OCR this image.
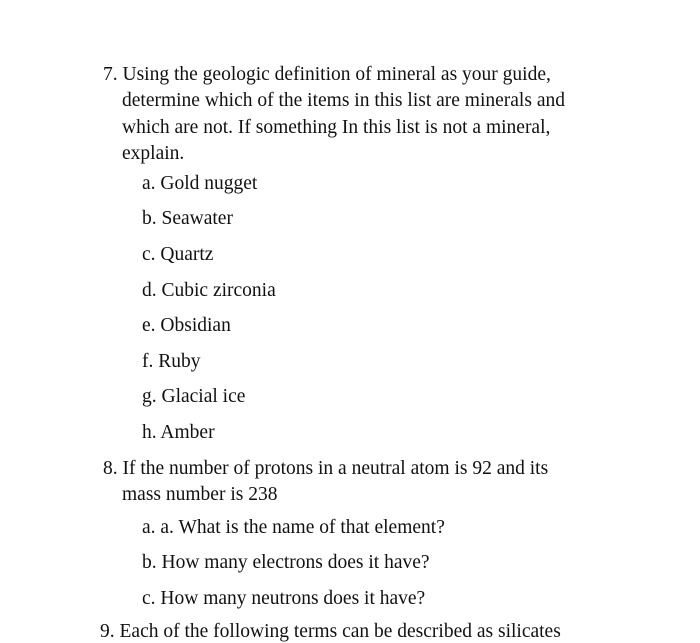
7. Using the geologic definition of mineral as your guide,
determine which of the items in this list are minerals and
which are not. If something In this list is not a mineral,
explain.
a. Gold nugget
b. Seawater
c. Quartz
d. Cubic zirconia
e. Obsidian
f. Ruby
g. Glacial ice
h. Amber
8. If the number of protons in a neutral atom is 92 and its
mass number is 238
a. a. What is the name of that element?
b. How many electrons does it have?
c. How many neutrons does it have?
9. Each of the following terms can be described as silicates
